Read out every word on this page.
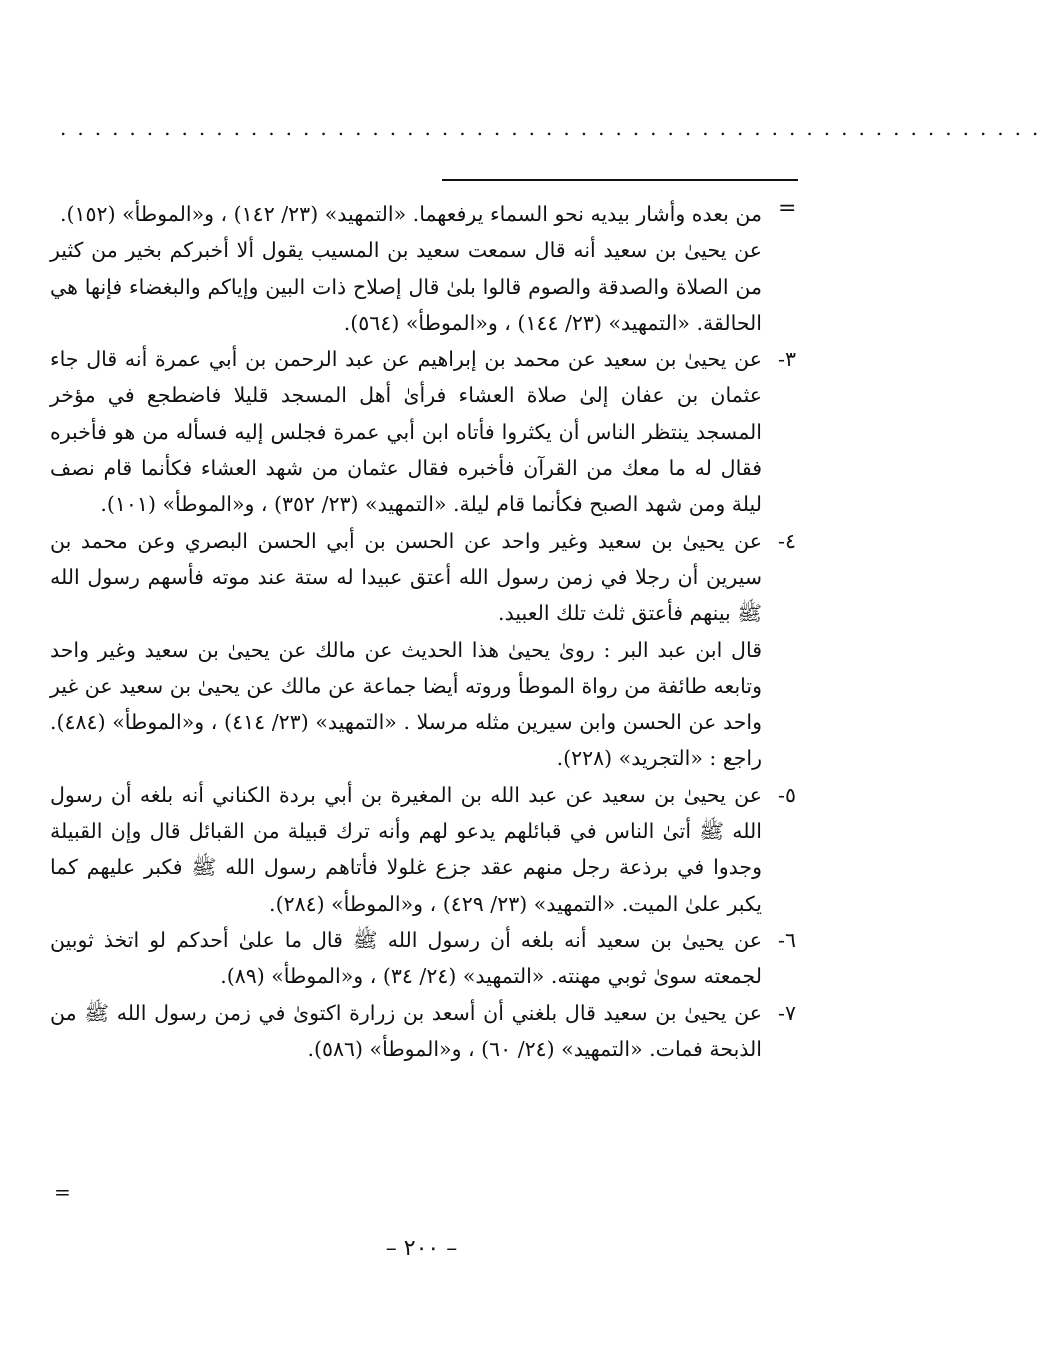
.........................................................
=
=

من بعده وأشار بيديه نحو السماء يرفعهما. «التمهيد» (٢٣/ ١٤٢) ، و«الموطأ» (١٥٢).

عن يحيىٰ بن سعيد أنه قال سمعت سعيد بن المسيب يقول ألا أخبركم بخير من كثير من الصلاة والصدقة والصوم قالوا بلىٰ قال إصلاح ذات البين وإياكم والبغضاء فإنها هي الحالقة. «التمهيد» (٢٣/ ١٤٤) ، و«الموطأ» (٥٦٤).

٣-
عن يحيىٰ بن سعيد عن محمد بن إبراهيم عن عبد الرحمن بن أبي عمرة أنه قال جاء عثمان بن عفان إلىٰ صلاة العشاء فرأىٰ أهل المسجد قليلا فاضطجع في مؤخر المسجد ينتظر الناس أن يكثروا فأتاه ابن أبي عمرة فجلس إليه فسأله من هو فأخبره فقال له ما معك من القرآن فأخبره فقال عثمان من شهد العشاء فكأنما قام نصف ليلة ومن شهد الصبح فكأنما قام ليلة. «التمهيد» (٢٣/ ٣٥٢) ، و«الموطأ» (١٠١).
٤-
عن يحيىٰ بن سعيد وغير واحد عن الحسن بن أبي الحسن البصري وعن محمد بن سيرين أن رجلا في زمن رسول الله أعتق عبيدا له ستة عند موته فأسهم رسول الله ﷺ بينهم فأعتق ثلث تلك العبيد.

قال ابن عبد البر : روىٰ يحيىٰ هذا الحديث عن مالك عن يحيىٰ بن سعيد وغير واحد وتابعه طائفة من رواة الموطأ وروته أيضا جماعة عن مالك عن يحيىٰ بن سعيد عن غير واحد عن الحسن وابن سيرين مثله مرسلا . «التمهيد» (٢٣/ ٤١٤) ، و«الموطأ» (٤٨٤). راجع : «التجريد» (٢٢٨).

٥-
عن يحيىٰ بن سعيد عن عبد الله بن المغيرة بن أبي بردة الكناني أنه بلغه أن رسول الله ﷺ أتىٰ الناس في قبائلهم يدعو لهم وأنه ترك قبيلة من القبائل قال وإن القبيلة وجدوا في برذعة رجل منهم عقد جزع غلولا فأتاهم رسول الله ﷺ فكبر عليهم كما يكبر علىٰ الميت. «التمهيد» (٢٣/ ٤٢٩) ، و«الموطأ» (٢٨٤).
٦-
عن يحيىٰ بن سعيد أنه بلغه أن رسول الله ﷺ قال ما علىٰ أحدكم لو اتخذ ثوبين لجمعته سوىٰ ثوبي مهنته. «التمهيد» (٢٤/ ٣٤) ، و«الموطأ» (٨٩).
٧-
عن يحيىٰ بن سعيد قال بلغني أن أسعد بن زرارة اكتوىٰ في زمن رسول الله ﷺ من الذبحة فمات. «التمهيد» (٢٤/ ٦٠) ، و«الموطأ» (٥٨٦).
– ٢٠٠ –
